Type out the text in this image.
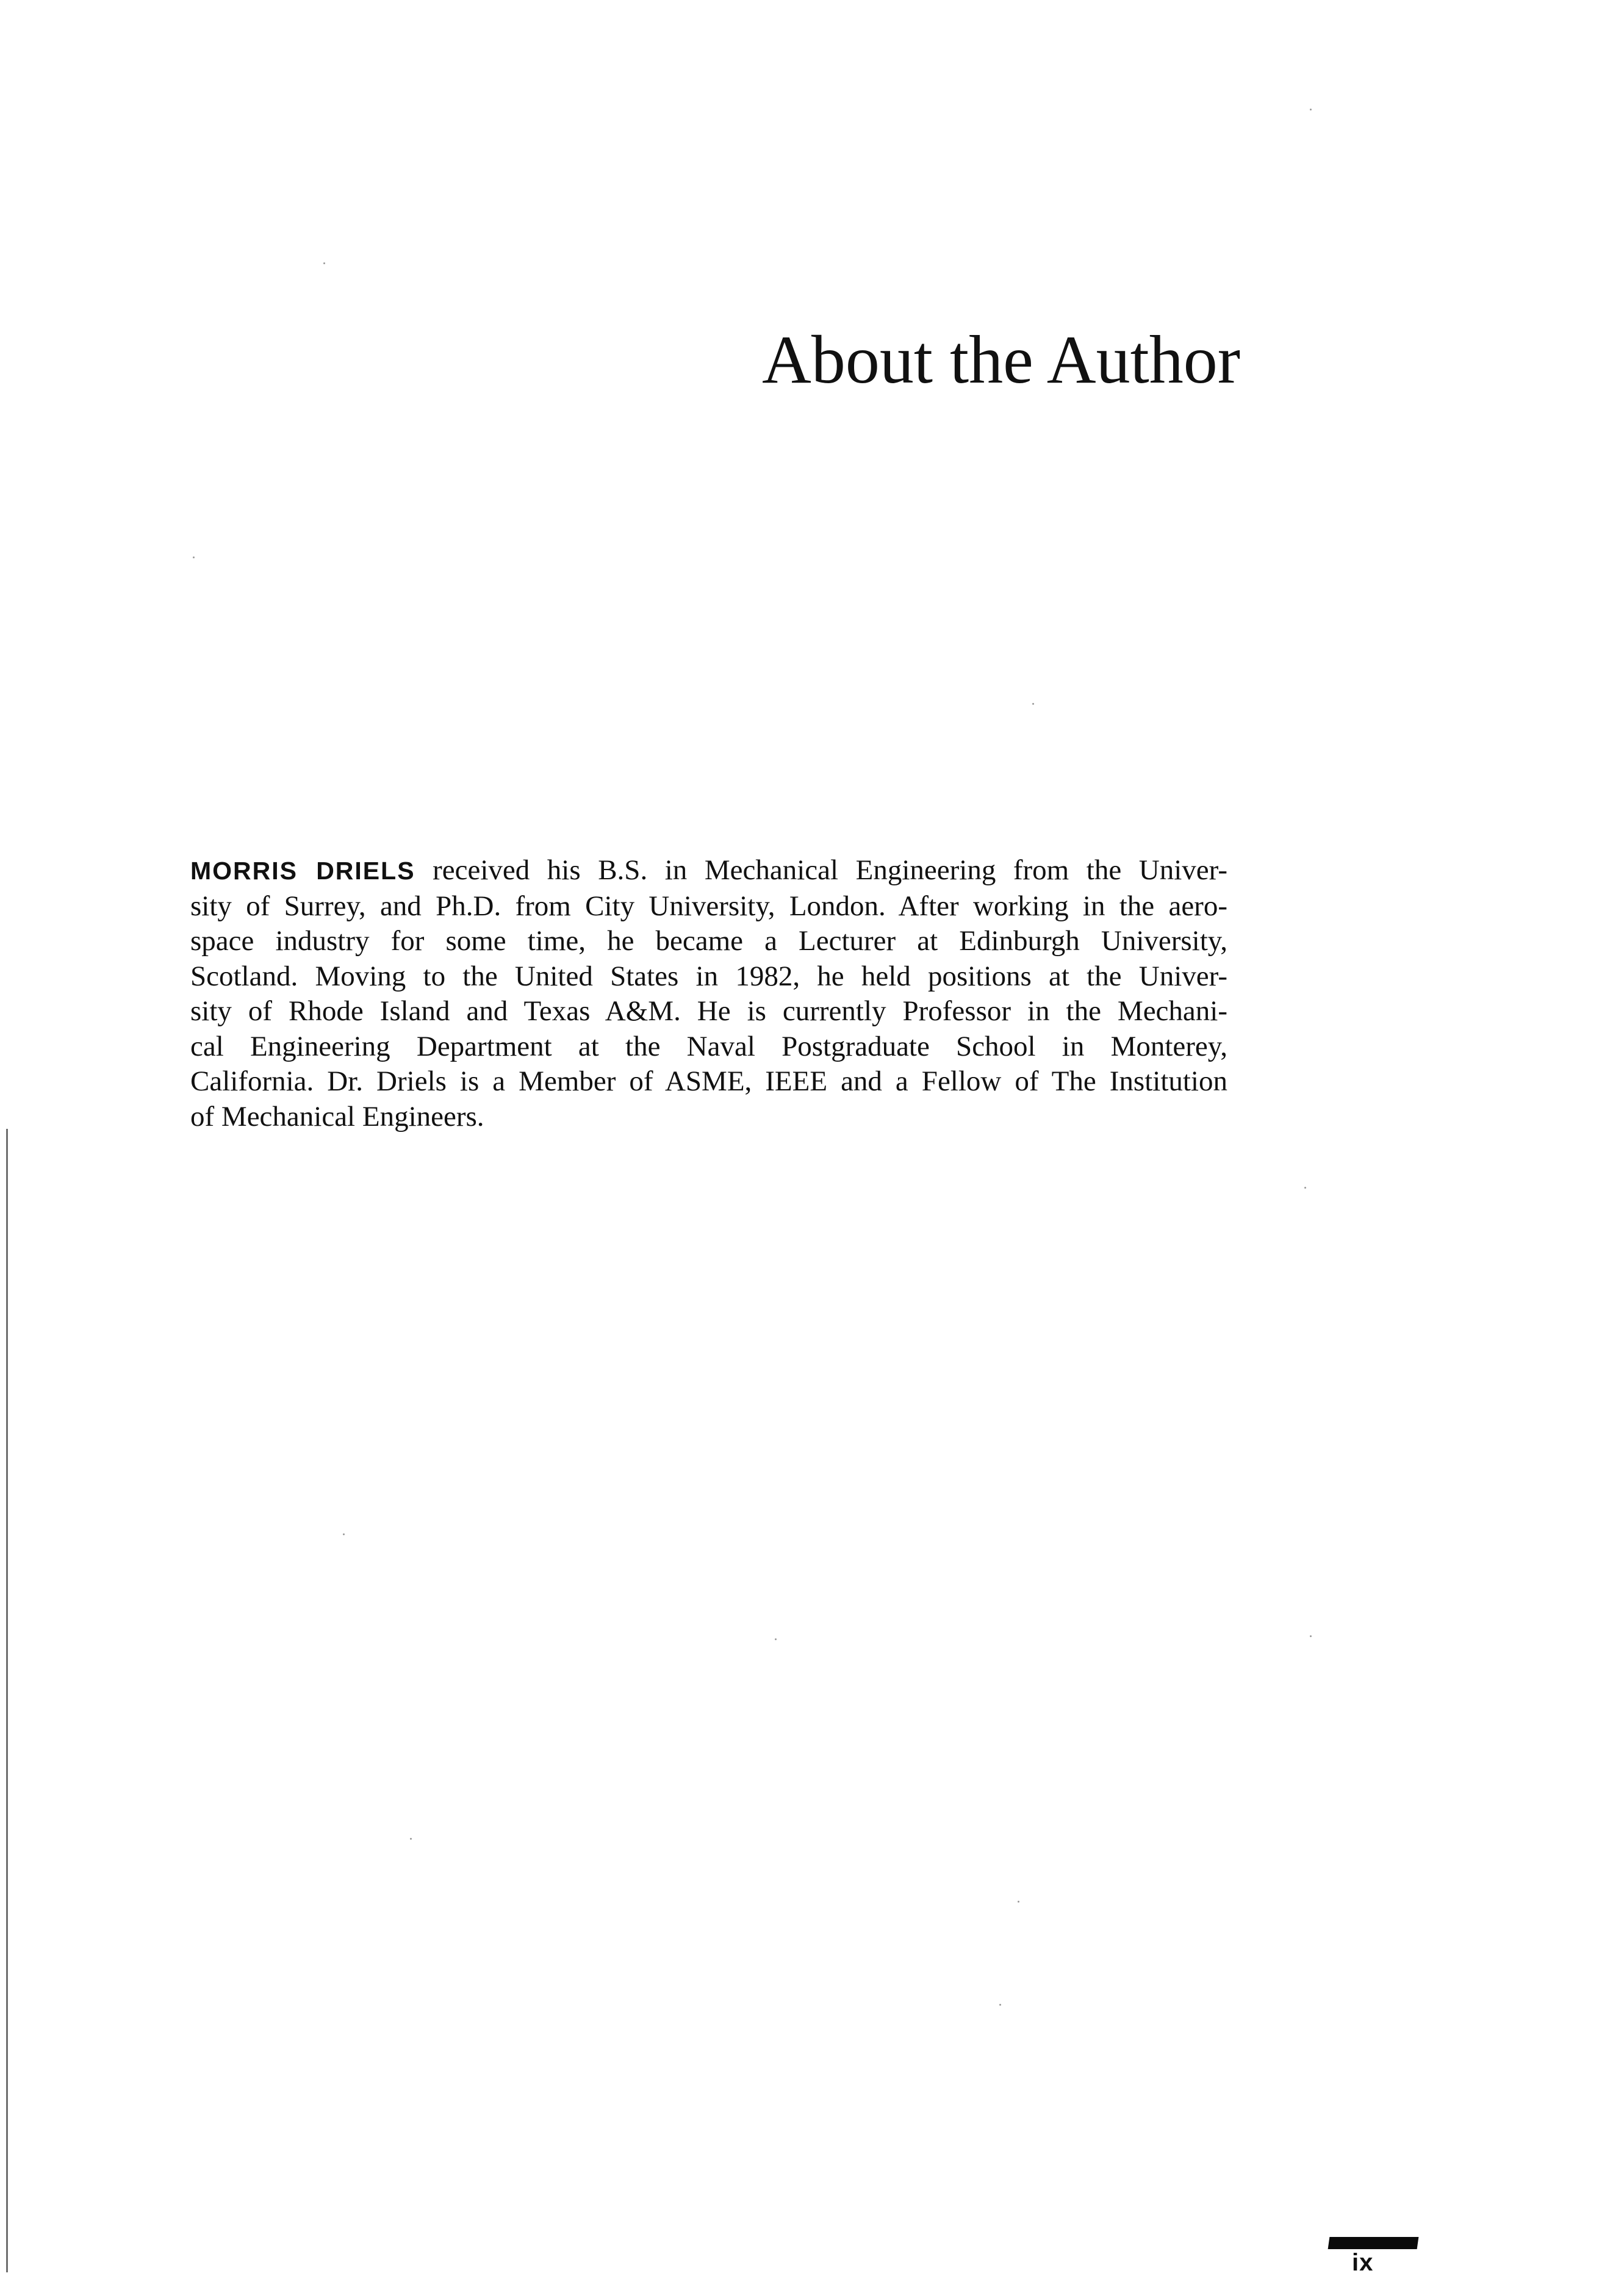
About the Author

MORRIS DRIELS received his B.S. in Mechanical Engineering from the Univer-
sity of Surrey, and Ph.D. from City University, London. After working in the aero-
space industry for some time, he became a Lecturer at Edinburgh University,
Scotland. Moving to the United States in 1982, he held positions at the Univer-
sity of Rhode Island and Texas A&M. He is currently Professor in the Mechani-
cal Engineering Department at the Naval Postgraduate School in Monterey,
California. Dr. Driels is a Member of ASME, IEEE and a Fellow of The Institution
of Mechanical Engineers.

ix
